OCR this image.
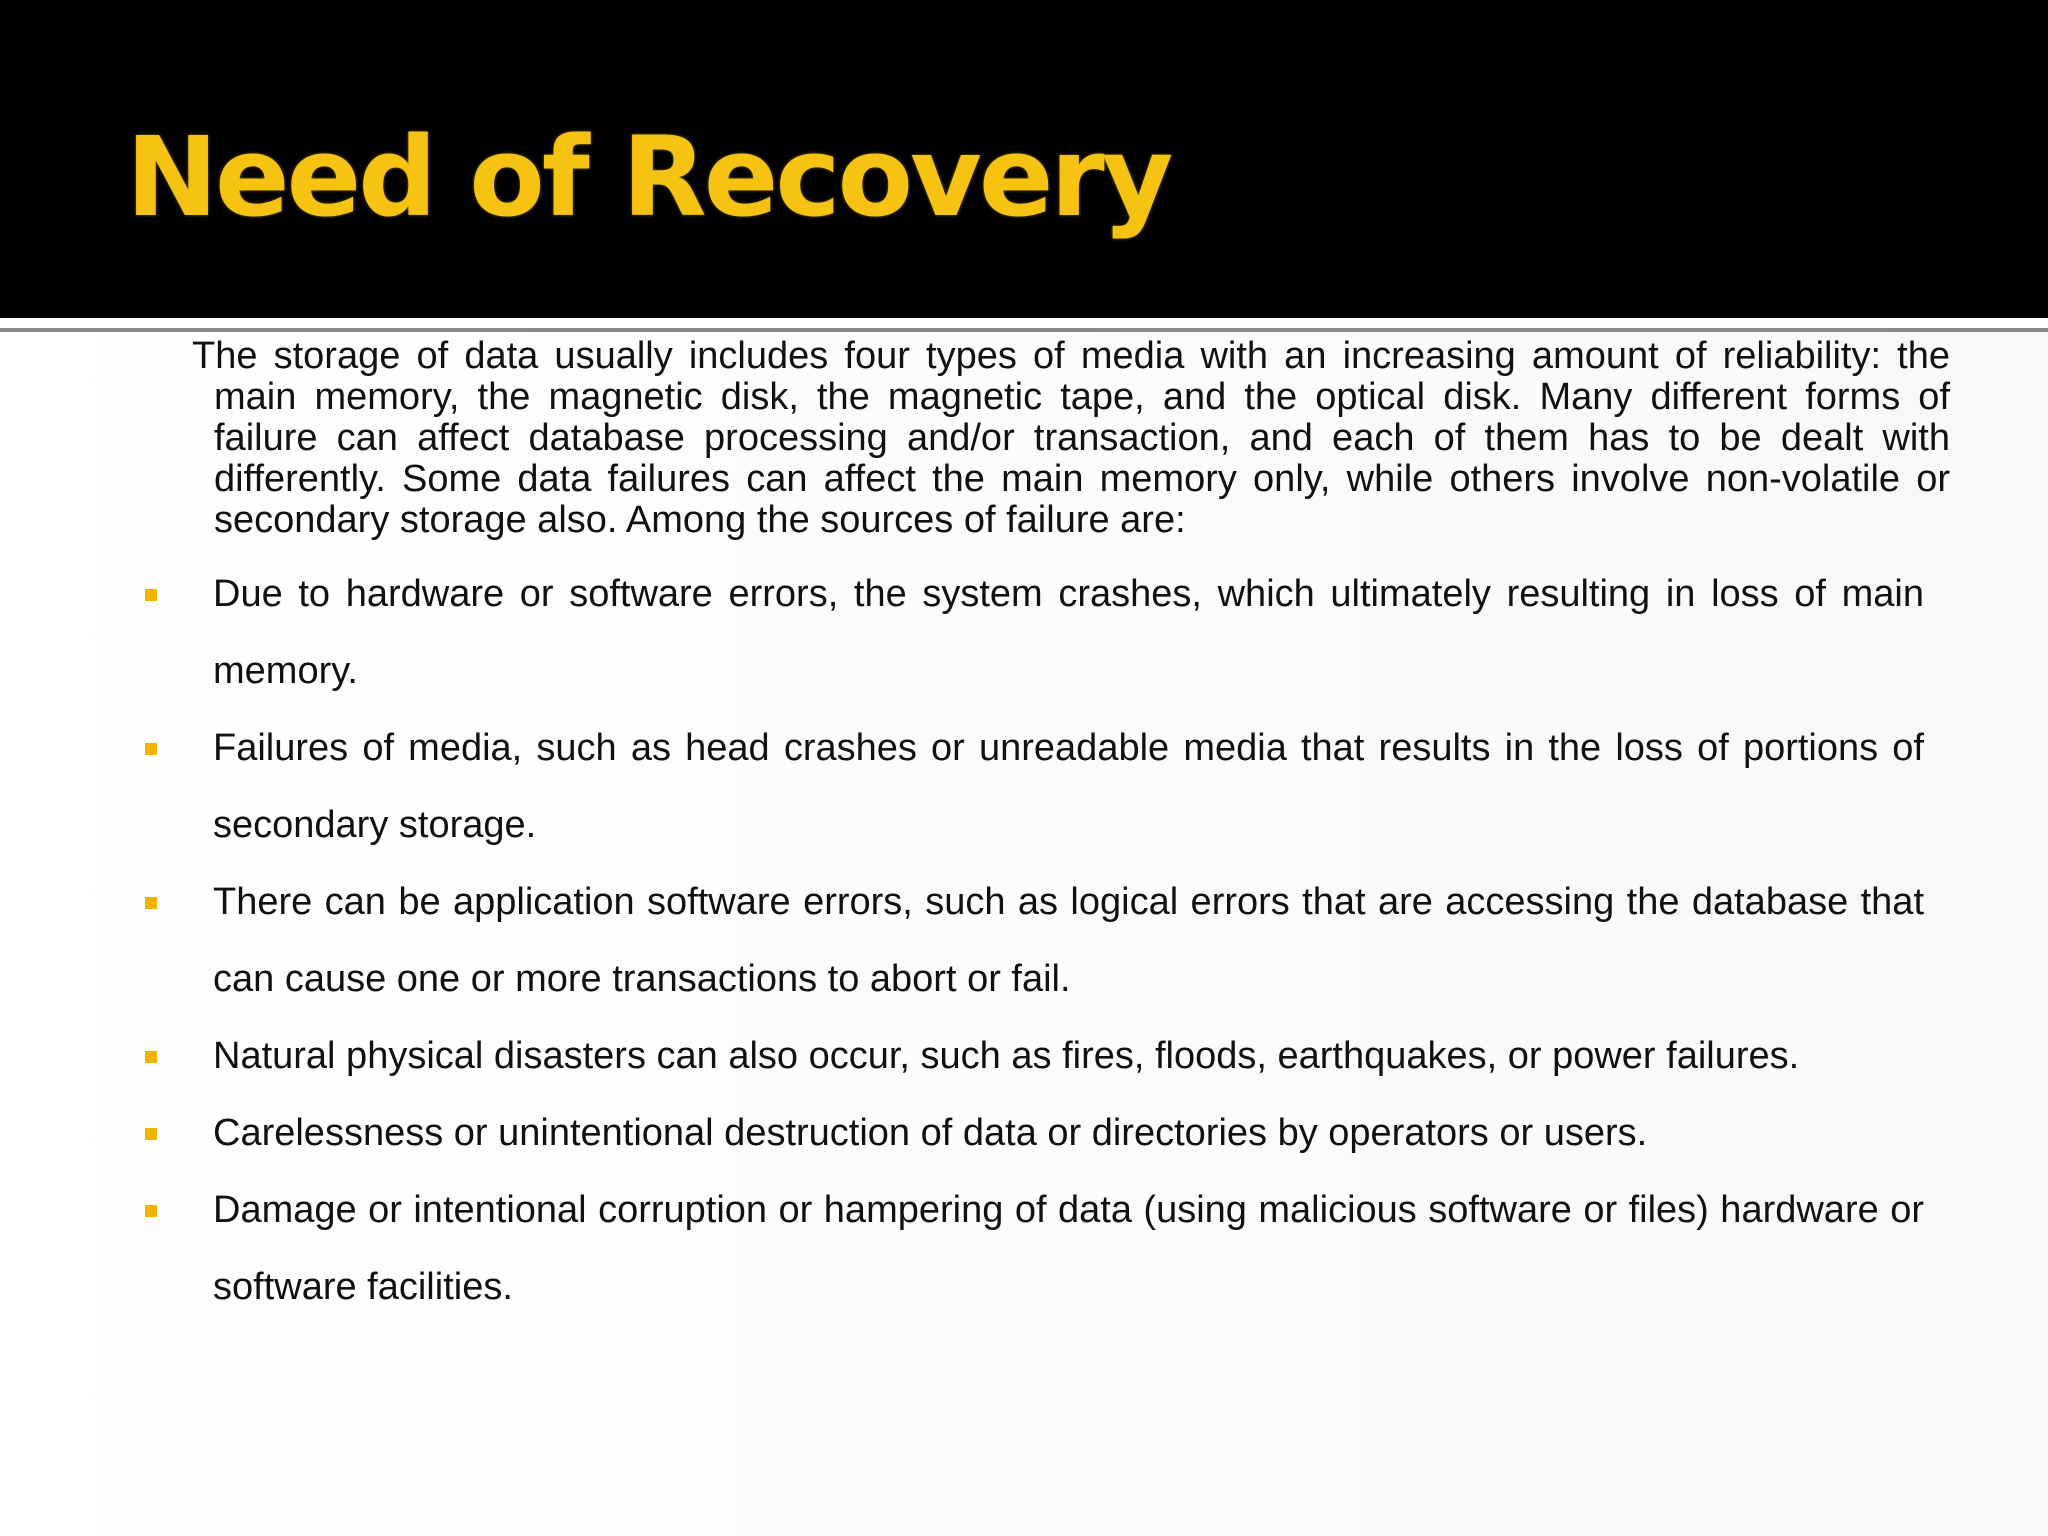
Need of Recovery

The storage of data usually includes four types of media with an increasing amount of reliability: the main memory, the magnetic disk, the magnetic tape, and the optical disk. Many different forms of failure can affect database processing and/or transaction, and each of them has to be dealt with differently. Some data failures can affect the main memory only, while others involve non-volatile or secondary storage also. Among the sources of failure are:

Due to hardware or software errors, the system crashes, which ultimately resulting in loss of main memory.
Failures of media, such as head crashes or unreadable media that results in the loss of portions of secondary storage.
There can be application software errors, such as logical errors that are accessing the database that can cause one or more transactions to abort or fail.
Natural physical disasters can also occur, such as fires, floods, earthquakes, or power failures.
Carelessness or unintentional destruction of data or directories by operators or users.
Damage or intentional corruption or hampering of data (using malicious software or files) hardware or software facilities.
